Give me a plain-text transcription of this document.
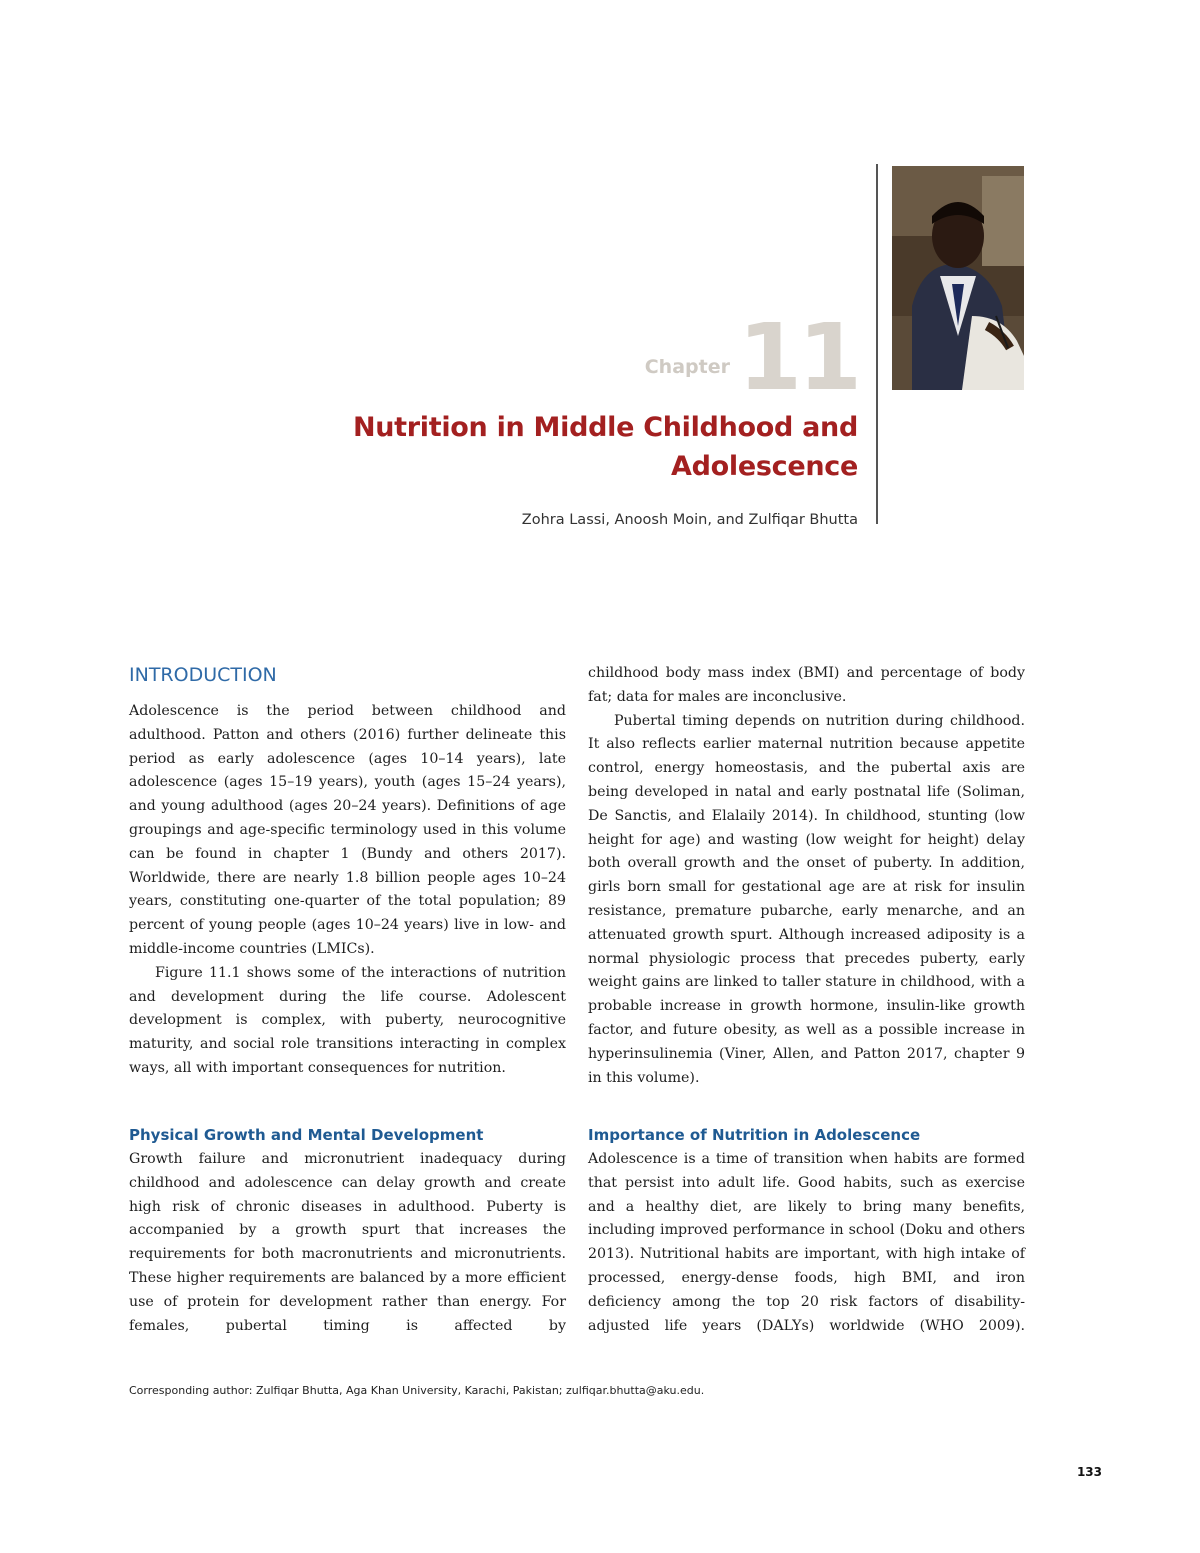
Chapter 11
Nutrition in Middle Childhood and Adolescence
Zohra Lassi, Anoosh Moin, and Zulfiqar Bhutta
INTRODUCTION

Adolescence is the period between childhood and adulthood. Patton and others (2016) further delineate this period as early adolescence (ages 10–14 years), late adolescence (ages 15–19 years), youth (ages 15–24 years), and young adulthood (ages 20–24 years). Definitions of age groupings and age-specific terminology used in this volume can be found in chapter 1 (Bundy and others 2017). Worldwide, there are nearly 1.8 billion people ages 10–24 years, constituting one-quarter of the total population; 89 percent of young people (ages 10–24 years) live in low- and middle-income countries (LMICs).

Figure 11.1 shows some of the interactions of nutrition and development during the life course. Adolescent development is complex, with puberty, neurocognitive maturity, and social role transitions interacting in complex ways, all with important consequences for nutrition.

childhood body mass index (BMI) and percentage of body fat; data for males are inconclusive.

Pubertal timing depends on nutrition during childhood. It also reflects earlier maternal nutrition because appetite control, energy homeostasis, and the pubertal axis are being developed in natal and early postnatal life (Soliman, De Sanctis, and Elalaily 2014). In childhood, stunting (low height for age) and wasting (low weight for height) delay both overall growth and the onset of puberty. In addition, girls born small for gestational age are at risk for insulin resistance, premature pubarche, early menarche, and an attenuated growth spurt. Although increased adiposity is a normal physiologic process that precedes puberty, early weight gains are linked to taller stature in childhood, with a probable increase in growth hormone, insulin-like growth factor, and future obesity, as well as a possible increase in hyperinsulinemia (Viner, Allen, and Patton 2017, chapter 9 in this volume).

Physical Growth and Mental Development

Growth failure and micronutrient inadequacy during childhood and adolescence can delay growth and create high risk of chronic diseases in adulthood. Puberty is accompanied by a growth spurt that increases the requirements for both macronutrients and micronutrients. These higher requirements are balanced by a more efficient use of protein for development rather than energy. For females, pubertal timing is affected by

Importance of Nutrition in Adolescence

Adolescence is a time of transition when habits are formed that persist into adult life. Good habits, such as exercise and a healthy diet, are likely to bring many benefits, including improved performance in school (Doku and others 2013). Nutritional habits are important, with high intake of processed, energy-dense foods, high BMI, and iron deficiency among the top 20 risk factors of disability-adjusted life years (DALYs) worldwide (WHO 2009).

Corresponding author: Zulfiqar Bhutta, Aga Khan University, Karachi, Pakistan; zulfiqar.bhutta@aku.edu.
133
